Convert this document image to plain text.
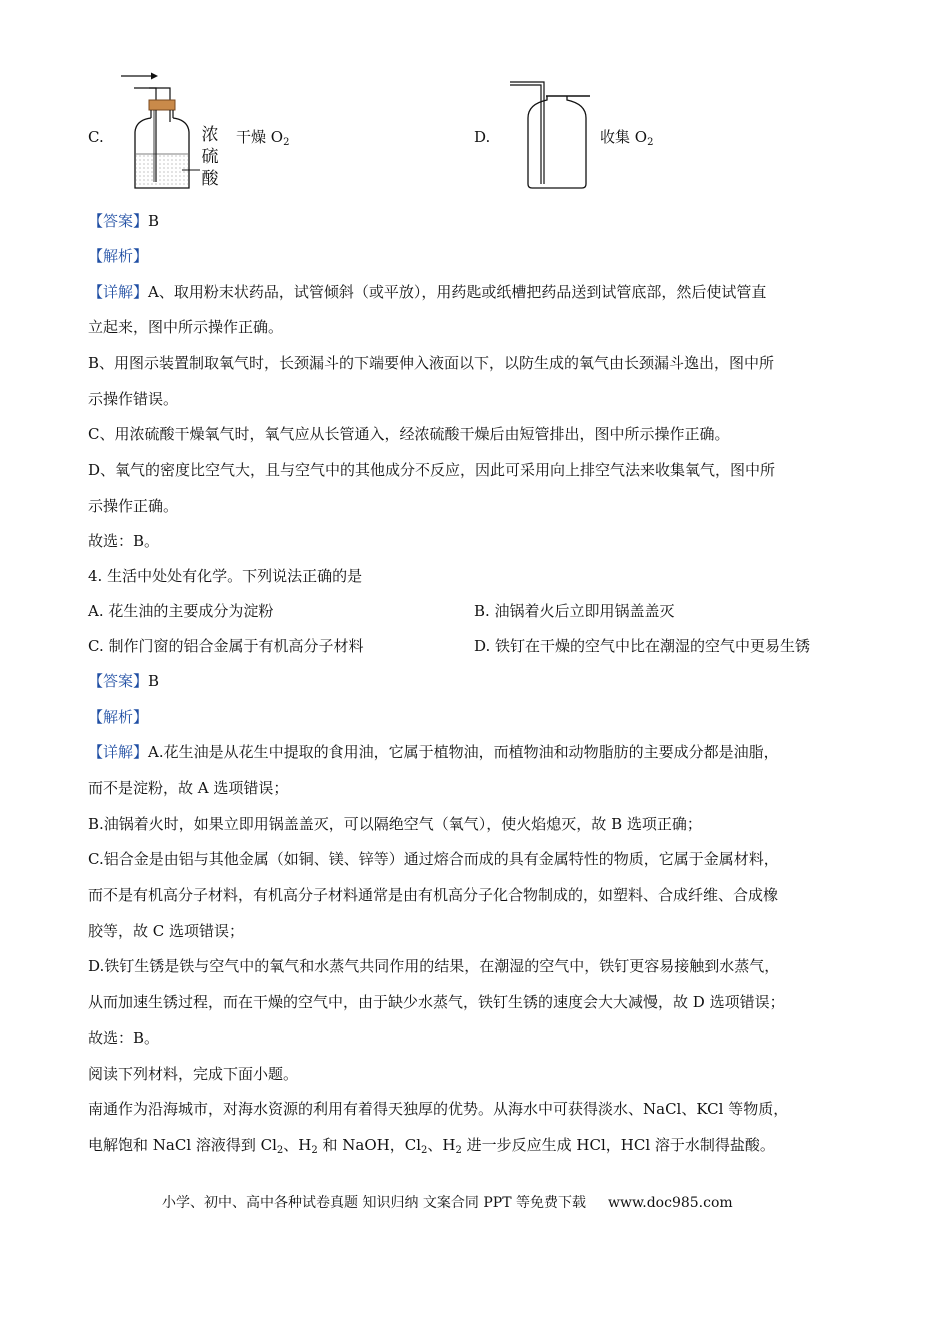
C.	浓
硫
酸
干燥 $O_2$	D.	收集 $O_2$
【答案】B
【解析】
【详解】A、取用粉末状药品，试管倾斜（或平放），用药匙或纸槽把药品送到试管底部，然后使试管直
立起来，图中所示操作正确。
B、用图示装置制取氧气时，长颈漏斗的下端要伸入液面以下，以防生成的氧气由长颈漏斗逸出，图中所
示操作错误。
C、用浓硫酸干燥氧气时，氧气应从长管通入，经浓硫酸干燥后由短管排出，图中所示操作正确。
D、氧气的密度比空气大，且与空气中的其他成分不反应，因此可采用向上排空气法来收集氧气，图中所
示操作正确。
故选：B。
4. 生活中处处有化学。下列说法正确的是
A. 花生油的主要成分为淀粉	B. 油锅着火后立即用锅盖盖灭
C. 制作门窗的铝合金属于有机高分子材料	D. 铁钉在干燥的空气中比在潮湿的空气中更易生锈
【答案】B
【解析】
【详解】A.花生油是从花生中提取的食用油，它属于植物油，而植物油和动物脂肪的主要成分都是油脂，
而不是淀粉，故 A 选项错误；
B.油锅着火时，如果立即用锅盖盖灭，可以隔绝空气（氧气），使火焰熄灭，故 B 选项正确；
C.铝合金是由铝与其他金属（如铜、镁、锌等）通过熔合而成的具有金属特性的物质，它属于金属材料，
而不是有机高分子材料，有机高分子材料通常是由有机高分子化合物制成的，如塑料、合成纤维、合成橡
胶等，故 C 选项错误；
D.铁钉生锈是铁与空气中的氧气和水蒸气共同作用的结果，在潮湿的空气中，铁钉更容易接触到水蒸气，
从而加速生锈过程，而在干燥的空气中，由于缺少水蒸气，铁钉生锈的速度会大大减慢，故 D 选项错误；
故选：B。
阅读下列材料，完成下面小题。
南通作为沿海城市，对海水资源的利用有着得天独厚的优势。从海水中可获得淡水、NaCl、KCl 等物质，
电解饱和 NaCl 溶液得到 $Cl_2$、$H_2$ 和 NaOH，$Cl_2$、$H_2$ 进一步反应生成 HCl，HCl 溶于水制得盐酸。
小学、初中、高中各种试卷真题 知识归纳 文案合同 PPT 等免费下载 www.doc985.com
